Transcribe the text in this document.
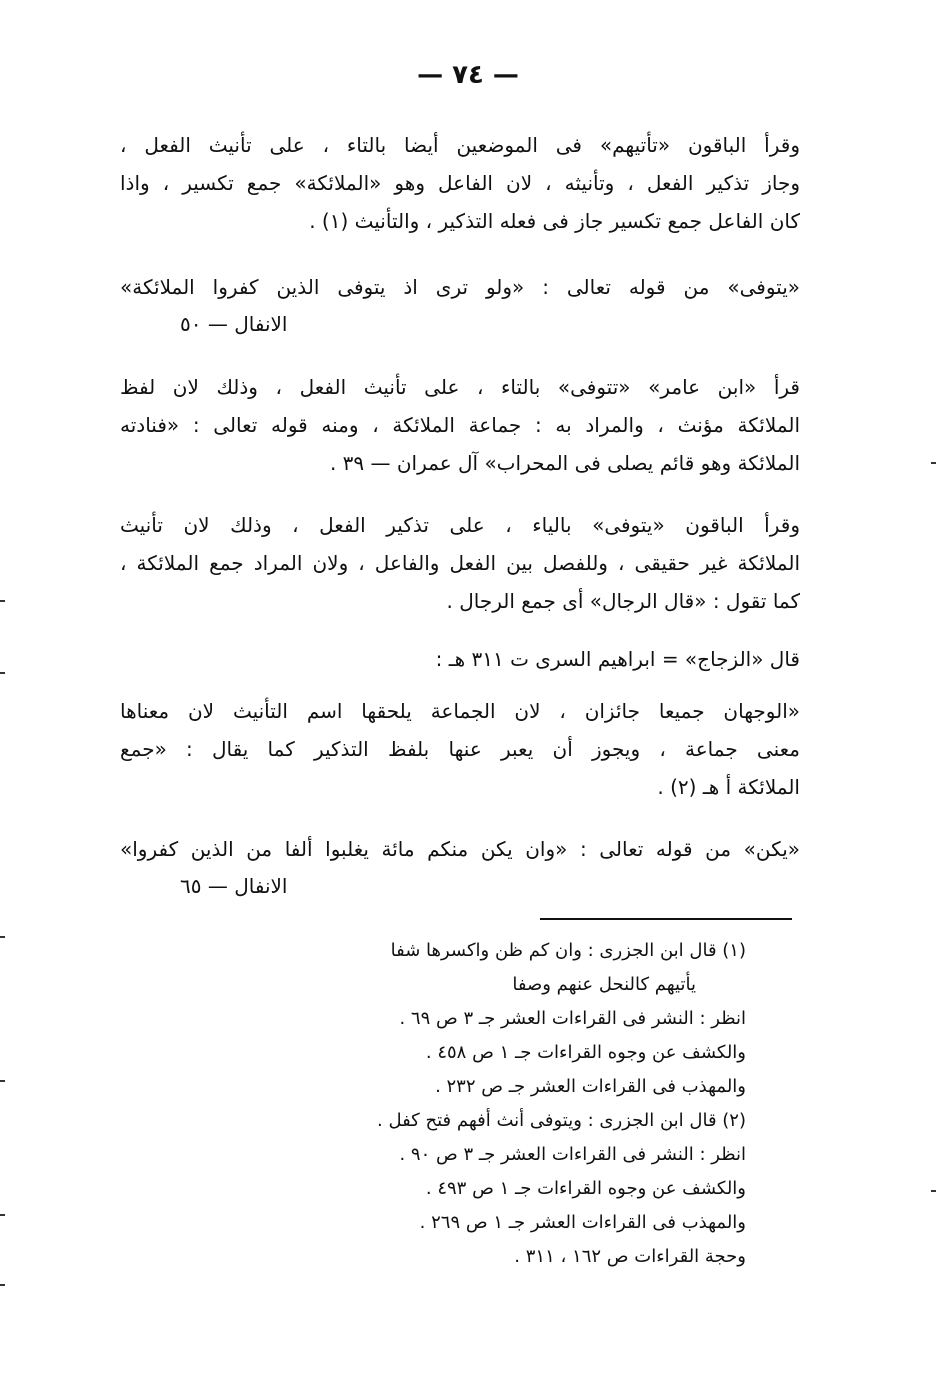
— ٧٤ —
وقرأ الباقون «تأتيهم» فى الموضعين أيضا بالتاء ، على تأنيث الفعل ،
وجاز تذكير الفعل ، وتأنيثه ، لان الفاعل وهو «الملائكة» جمع تكسير ، واذا
كان الفاعل جمع تكسير جاز فى فعله التذكير ، والتأنيث (١) .
«يتوفى» من قوله تعالى : «ولو ترى اذ يتوفى الذين كفروا الملائكة»
الانفال — ٥٠
قرأ «ابن عامر» «تتوفى» بالتاء ، على تأنيث الفعل ، وذلك لان لفظ
الملائكة مؤنث ، والمراد به : جماعة الملائكة ، ومنه قوله تعالى : «فنادته
الملائكة وهو قائم يصلى فى المحراب» آل عمران — ٣٩ .
وقرأ الباقون «يتوفى» بالياء ، على تذكير الفعل ، وذلك لان تأنيث
الملائكة غير حقيقى ، وللفصل بين الفعل والفاعل ، ولان المراد جمع الملائكة ،
كما تقول : «قال الرجال» أى جمع الرجال .
قال «الزجاج» = ابراهيم السرى ت ٣١١ هـ :
«الوجهان جميعا جائزان ، لان الجماعة يلحقها اسم التأنيث لان معناها
معنى جماعة ، ويجوز أن يعبر عنها بلفظ التذكير كما يقال : «جمع
الملائكة أ هـ (٢) .
«يكن» من قوله تعالى : «وان يكن منكم مائة يغلبوا ألفا من الذين كفروا»
الانفال — ٦٥
(١) قال ابن الجزرى : وان كم ظن واكسرها شفا
يأتيهم كالنحل عنهم وصفا
انظر : النشر فى القراءات العشر جـ ٣ ص ٦٩ .
والكشف عن وجوه القراءات جـ ١ ص ٤٥٨ .
والمهذب فى القراءات العشر جـ ص ٢٣٢ .
(٢) قال ابن الجزرى : ويتوفى أنث أفهم فتح كفل .
انظر : النشر فى القراءات العشر جـ ٣ ص ٩٠ .
والكشف عن وجوه القراءات جـ ١ ص ٤٩٣ .
والمهذب فى القراءات العشر جـ ١ ص ٢٦٩ .
وحجة القراءات ص ١٦٢ ، ٣١١ .
